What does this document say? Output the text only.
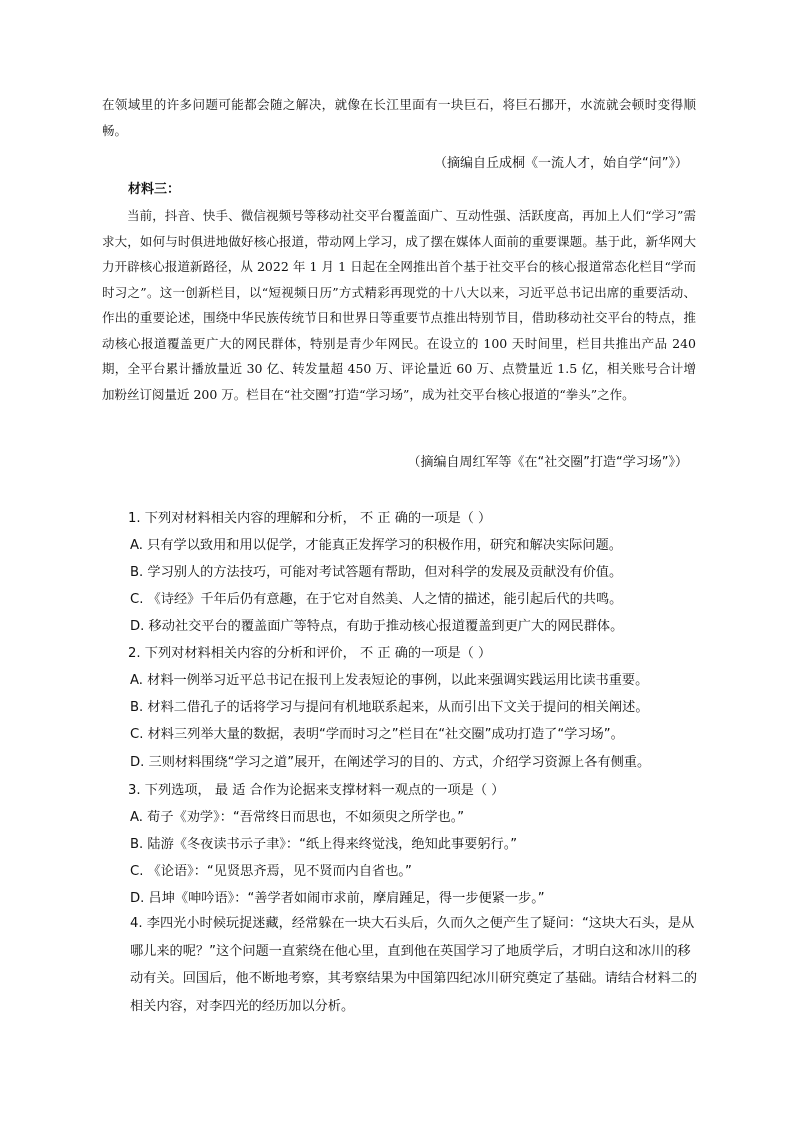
在领域里的许多问题可能都会随之解决，就像在长江里面有一块巨石，将巨石挪开，水流就会顿时变得顺畅。

（摘编自丘成桐《一流人才，始自学“问”》）

材料三：

当前，抖音、快手、微信视频号等移动社交平台覆盖面广、互动性强、活跃度高，再加上人们“学习”需求大，如何与时俱进地做好核心报道，带动网上学习，成了摆在媒体人面前的重要课题。基于此，新华网大力开辟核心报道新路径，从 2022 年 1 月 1 日起在全网推出首个基于社交平台的核心报道常态化栏目“学而时习之”。这一创新栏目，以“短视频日历”方式精彩再现党的十八大以来，习近平总书记出席的重要活动、作出的重要论述，围绕中华民族传统节日和世界日等重要节点推出特别节目，借助移动社交平台的特点，推动核心报道覆盖更广大的网民群体，特别是青少年网民。在设立的 100 天时间里，栏目共推出产品 240 期，全平台累计播放量近 30 亿、转发量超 450 万、评论量近 60 万、点赞量近 1.5 亿，相关账号合计增加粉丝订阅量近 200 万。栏目在“社交圈”打造“学习场”，成为社交平台核心报道的“拳头”之作。

（摘编自周红军等《在“社交圈”打造“学习场”》）

1. 下列对材料相关内容的理解和分析， 不 正 确的一项是（ ）

A. 只有学以致用和用以促学，才能真正发挥学习的积极作用，研究和解决实际问题。

B. 学习别人的方法技巧，可能对考试答题有帮助，但对科学的发展及贡献没有价值。

C. 《诗经》千年后仍有意趣，在于它对自然美、人之情的描述，能引起后代的共鸣。

D. 移动社交平台的覆盖面广等特点，有助于推动核心报道覆盖到更广大的网民群体。

2. 下列对材料相关内容的分析和评价， 不 正 确的一项是（ ）

A. 材料一例举习近平总书记在报刊上发表短论的事例，以此来强调实践运用比读书重要。

B. 材料二借孔子的话将学习与提问有机地联系起来，从而引出下文关于提问的相关阐述。

C. 材料三列举大量的数据，表明“学而时习之”栏目在“社交圈”成功打造了“学习场”。

D. 三则材料围绕“学习之道”展开，在阐述学习的目的、方式，介绍学习资源上各有侧重。

3. 下列选项， 最 适 合作为论据来支撑材料一观点的一项是（ ）

A. 荀子《劝学》：“吾常终日而思也，不如须臾之所学也。”

B. 陆游《冬夜读书示子聿》：“纸上得来终觉浅，绝知此事要躬行。”

C. 《论语》：“见贤思齐焉，见不贤而内自省也。”

D. 吕坤《呻吟语》：“善学者如闹市求前，摩肩踵足，得一步便紧一步。”

4. 李四光小时候玩捉迷藏，经常躲在一块大石头后，久而久之便产生了疑问：“这块大石头，是从哪儿来的呢？”这个问题一直萦绕在他心里，直到他在英国学习了地质学后，才明白这和冰川的移动有关。回国后，他不断地考察，其考察结果为中国第四纪冰川研究奠定了基础。请结合材料二的相关内容，对李四光的经历加以分析。
